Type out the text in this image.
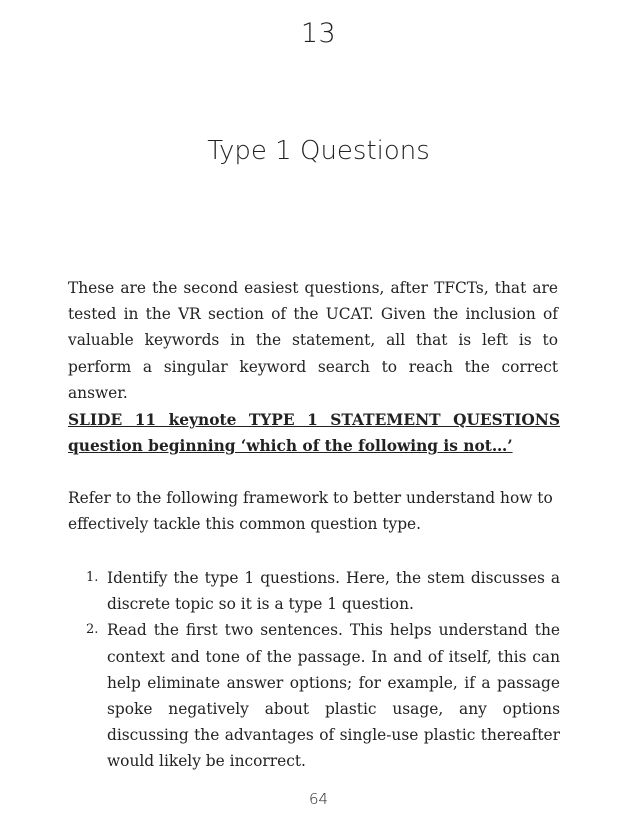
13
Type 1 Questions

These are the second easiest questions, after TFCTs, that are tested in the VR section of the UCAT. Given the inclusion of valuable keywords in the statement, all that is left is to perform a singular keyword search to reach the correct answer.

SLIDE 11 keynote TYPE 1 STATEMENT QUESTIONS question beginning ‘which of the following is not…’

Refer to the following framework to better understand how to effectively tackle this common question type.

1. Identify the type 1 questions. Here, the stem discusses a discrete topic so it is a type 1 question.
2. Read the first two sentences. This helps understand the context and tone of the passage. In and of itself, this can help eliminate answer options; for example, if a passage spoke negatively about plastic usage, any options discussing the advantages of single-use plastic thereafter would likely be incorrect.
64
